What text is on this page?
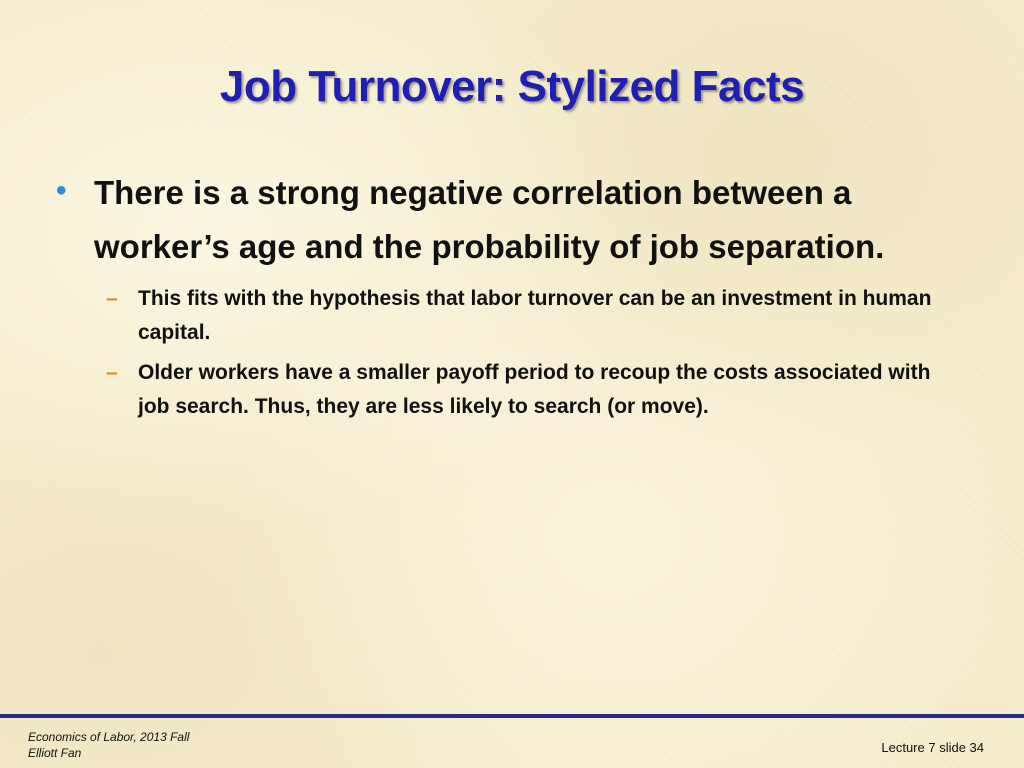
Job Turnover: Stylized Facts
• There is a strong negative correlation between a worker’s age and the probability of job separation.
– This fits with the hypothesis that labor turnover can be an investment in human capital.
– Older workers have a smaller payoff period to recoup the costs associated with job search. Thus, they are less likely to search (or move).
Economics of Labor, 2013 Fall
Elliott Fan	Lecture 7 slide 34
